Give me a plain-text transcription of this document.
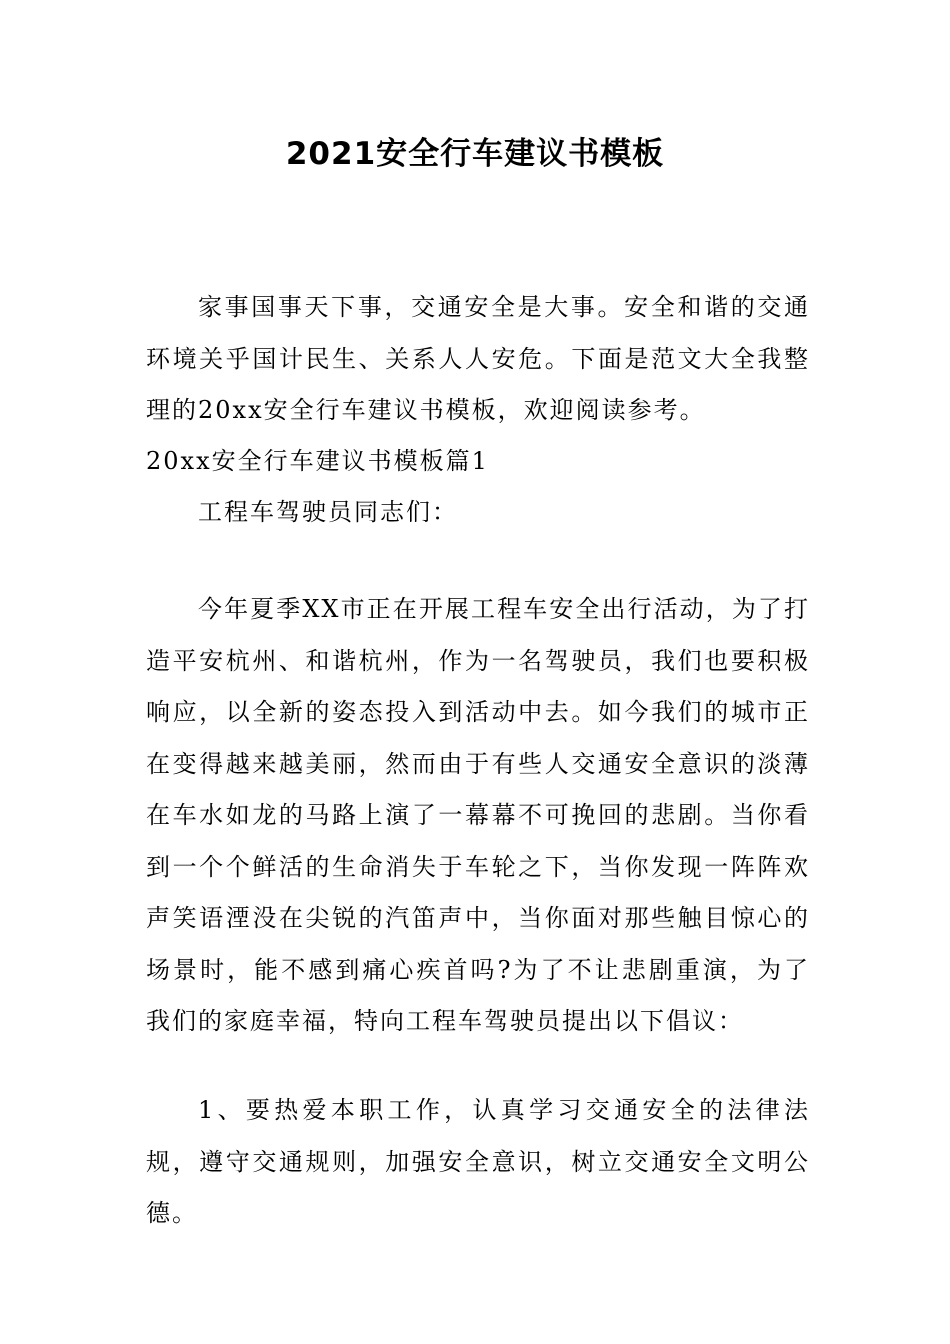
2021安全行车建议书模板
家事国事天下事，交通安全是大事。安全和谐的交通环境关乎国计民生、关系人人安危。下面是范文大全我整理的20xx安全行车建议书模板，欢迎阅读参考。
20xx安全行车建议书模板篇1
工程车驾驶员同志们：
今年夏季XX市正在开展工程车安全出行活动，为了打造平安杭州、和谐杭州，作为一名驾驶员，我们也要积极响应，以全新的姿态投入到活动中去。如今我们的城市正在变得越来越美丽，然而由于有些人交通安全意识的淡薄在车水如龙的马路上演了一幕幕不可挽回的悲剧。当你看到一个个鲜活的生命消失于车轮之下，当你发现一阵阵欢声笑语湮没在尖锐的汽笛声中，当你面对那些触目惊心的场景时，能不感到痛心疾首吗?为了不让悲剧重演，为了我们的家庭幸福，特向工程车驾驶员提出以下倡议：
1、要热爱本职工作，认真学习交通安全的法律法规，遵守交通规则，加强安全意识，树立交通安全文明公德。
